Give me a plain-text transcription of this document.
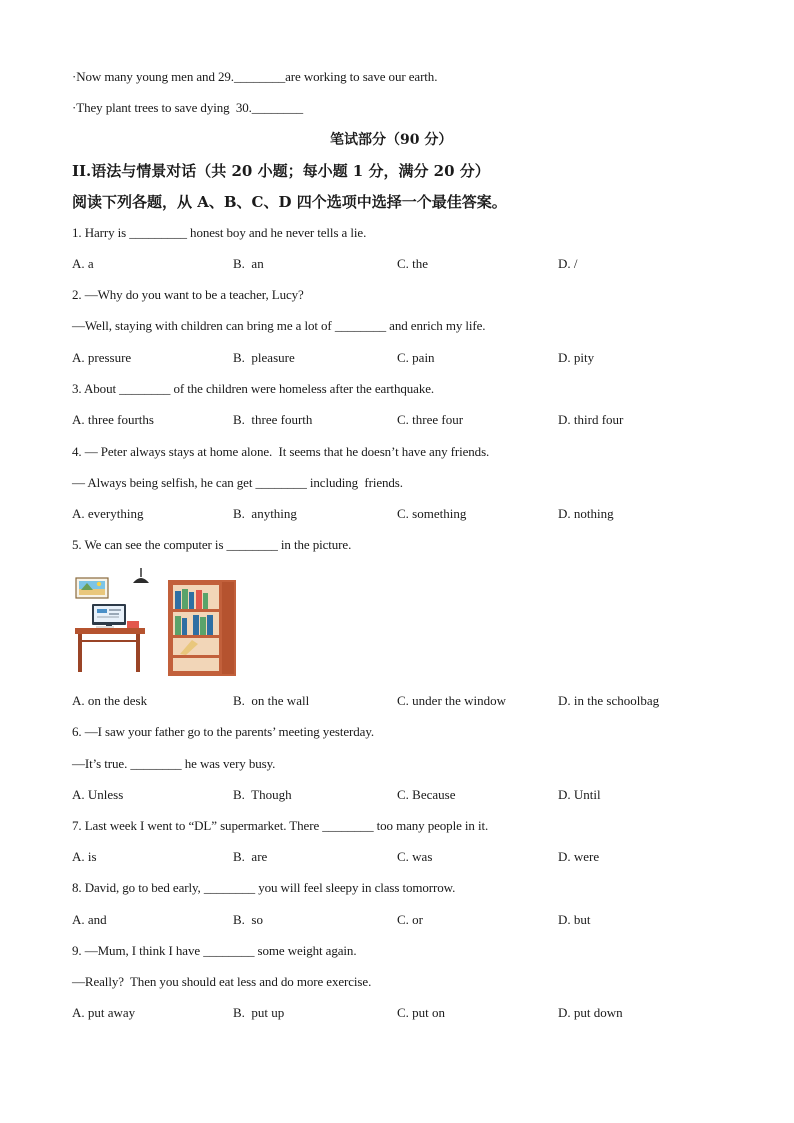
·Now many young men and 29.________are working to save our earth.
·They plant trees to save dying  30.________
笔试部分（90 分）
II.语法与情景对话（共 20 小题；每小题 1 分，满分 20 分）
阅读下列各题，从 A、B、C、D 四个选项中选择一个最佳答案。
1. Harry is _________ honest boy and he never tells a lie.
A. a	B.  an	C. the	D. /
2. —Why do you want to be a teacher, Lucy?
—Well, staying with children can bring me a lot of ________ and enrich my life.
A. pressure	B.  pleasure	C. pain	D. pity
3. About ________ of the children were homeless after the earthquake.
A. three fourths	B.  three fourth	C. three four	D. third four
4. — Peter always stays at home alone.  It seems that he doesn’t have any friends.
— Always being selfish, he can get ________ including  friends.
A. everything	B.  anything	C. something	D. nothing
5. We can see the computer is ________ in the picture.
A. on the desk	B.  on the wall	C. under the window	D. in the schoolbag
6. —I saw your father go to the parents’ meeting yesterday.
—It’s true. ________ he was very busy.
A. Unless	B.  Though	C. Because	D. Until
7. Last week I went to “DL” supermarket. There ________ too many people in it.
A. is	B.  are	C. was	D. were
8. David, go to bed early, ________ you will feel sleepy in class tomorrow.
A. and	B.  so	C. or	D. but
9. —Mum, I think I have ________ some weight again.
—Really?  Then you should eat less and do more exercise.
A. put away	B.  put up	C. put on	D. put down
